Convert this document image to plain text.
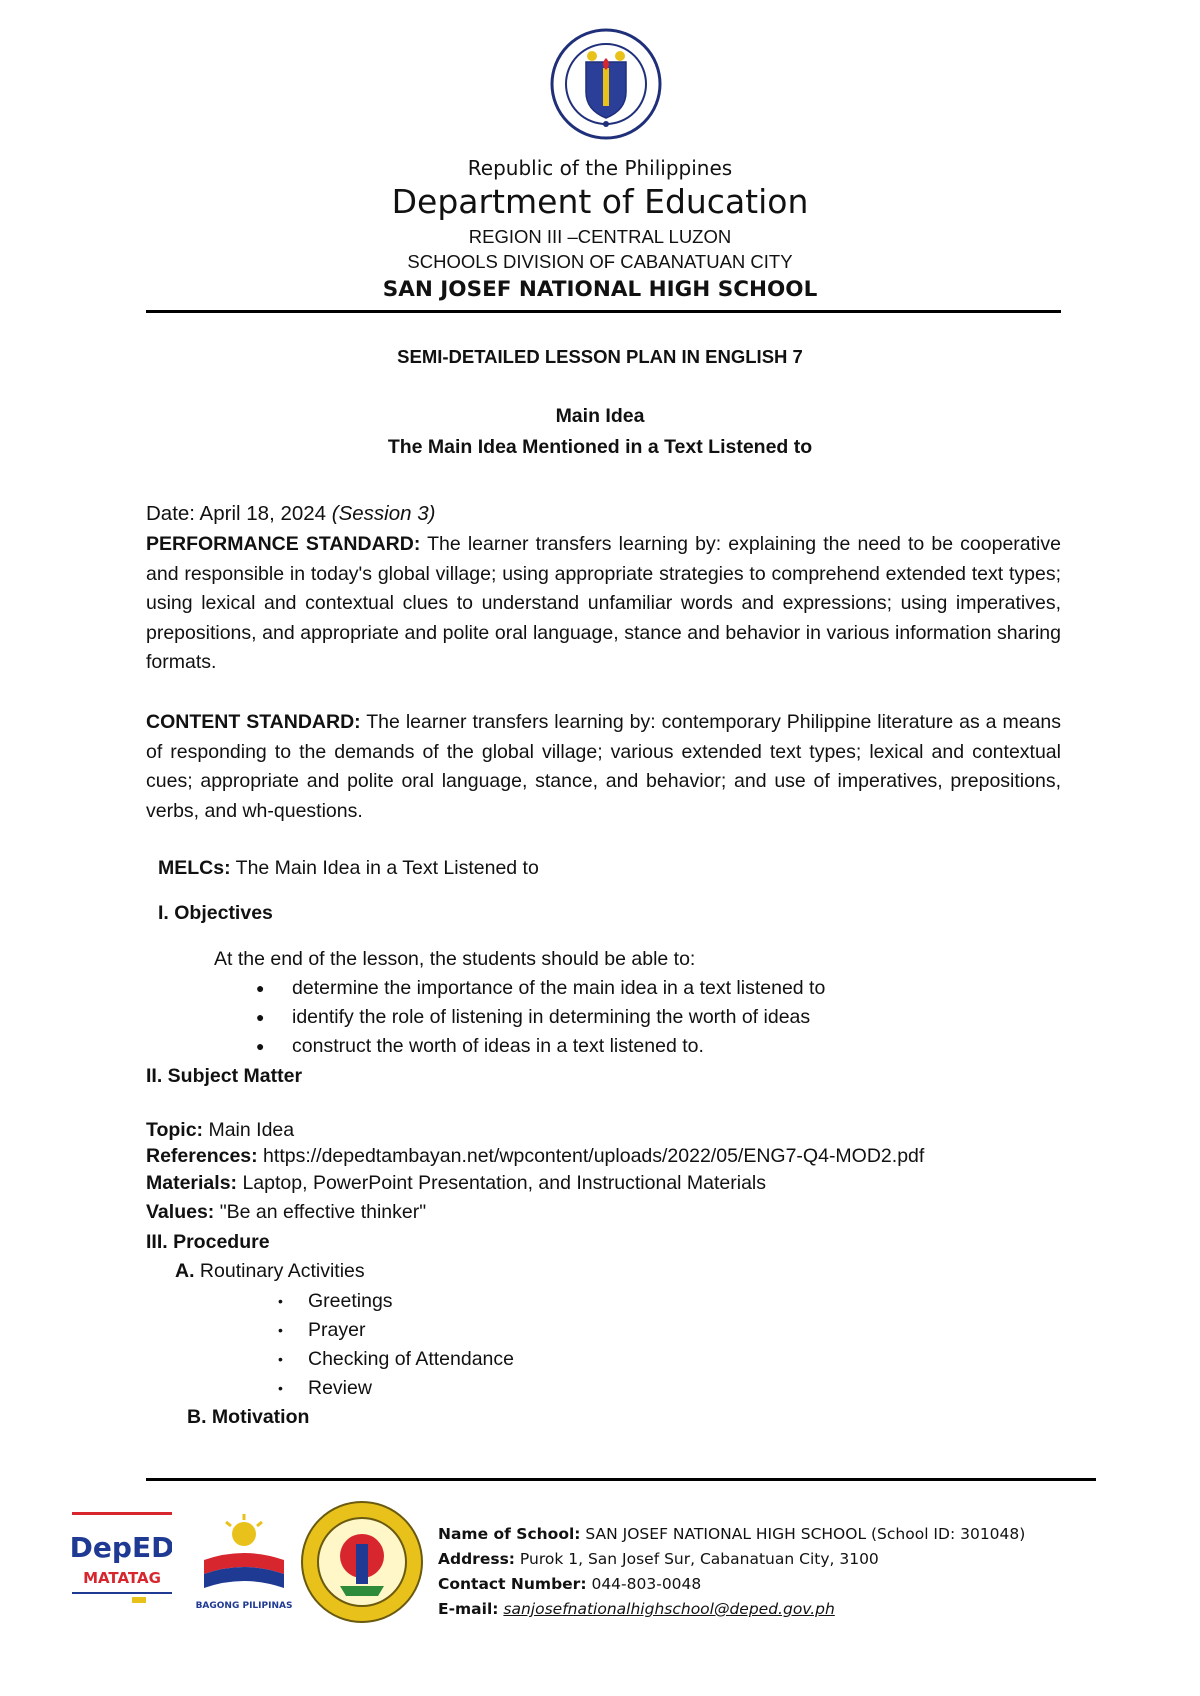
Republic of the Philippines
Department of Education
REGION III –CENTRAL LUZON
SCHOOLS DIVISION OF CABANATUAN CITY
SAN JOSEF NATIONAL HIGH SCHOOL
SEMI-DETAILED LESSON PLAN IN ENGLISH 7
Main Idea
The Main Idea Mentioned in a Text Listened to
Date: April 18, 2024 (Session 3)
PERFORMANCE STANDARD: The learner transfers learning by: explaining the need to be cooperative and responsible in today's global village; using appropriate strategies to comprehend extended text types; using lexical and contextual clues to understand unfamiliar words and expressions; using imperatives, prepositions, and appropriate and polite oral language, stance and behavior in various information sharing formats.
CONTENT STANDARD: The learner transfers learning by: contemporary Philippine literature as a means of responding to the demands of the global village; various extended text types; lexical and contextual cues; appropriate and polite oral language, stance, and behavior; and use of imperatives, prepositions, verbs, and wh-questions.
MELCs: The Main Idea in a Text Listened to
I. Objectives
At the end of the lesson, the students should be able to:
● determine the importance of the main idea in a text listened to
● identify the role of listening in determining the worth of ideas
● construct the worth of ideas in a text listened to.
II. Subject Matter
Topic: Main Idea
References: https://depedtambayan.net/wpcontent/uploads/2022/05/ENG7-Q4-MOD2.pdf
Materials: Laptop, PowerPoint Presentation, and Instructional Materials
Values: "Be an effective thinker"
III. Procedure
A. Routinary Activities
• Greetings
• Prayer
• Checking of Attendance
• Review
B. Motivation
DepED
MATATAG
BAGONG PILIPINAS
Name of School: SAN JOSEF NATIONAL HIGH SCHOOL (School ID: 301048)
Address: Purok 1, San Josef Sur, Cabanatuan City, 3100
Contact Number: 044-803-0048
E-mail: sanjosefnationalhighschool@deped.gov.ph
